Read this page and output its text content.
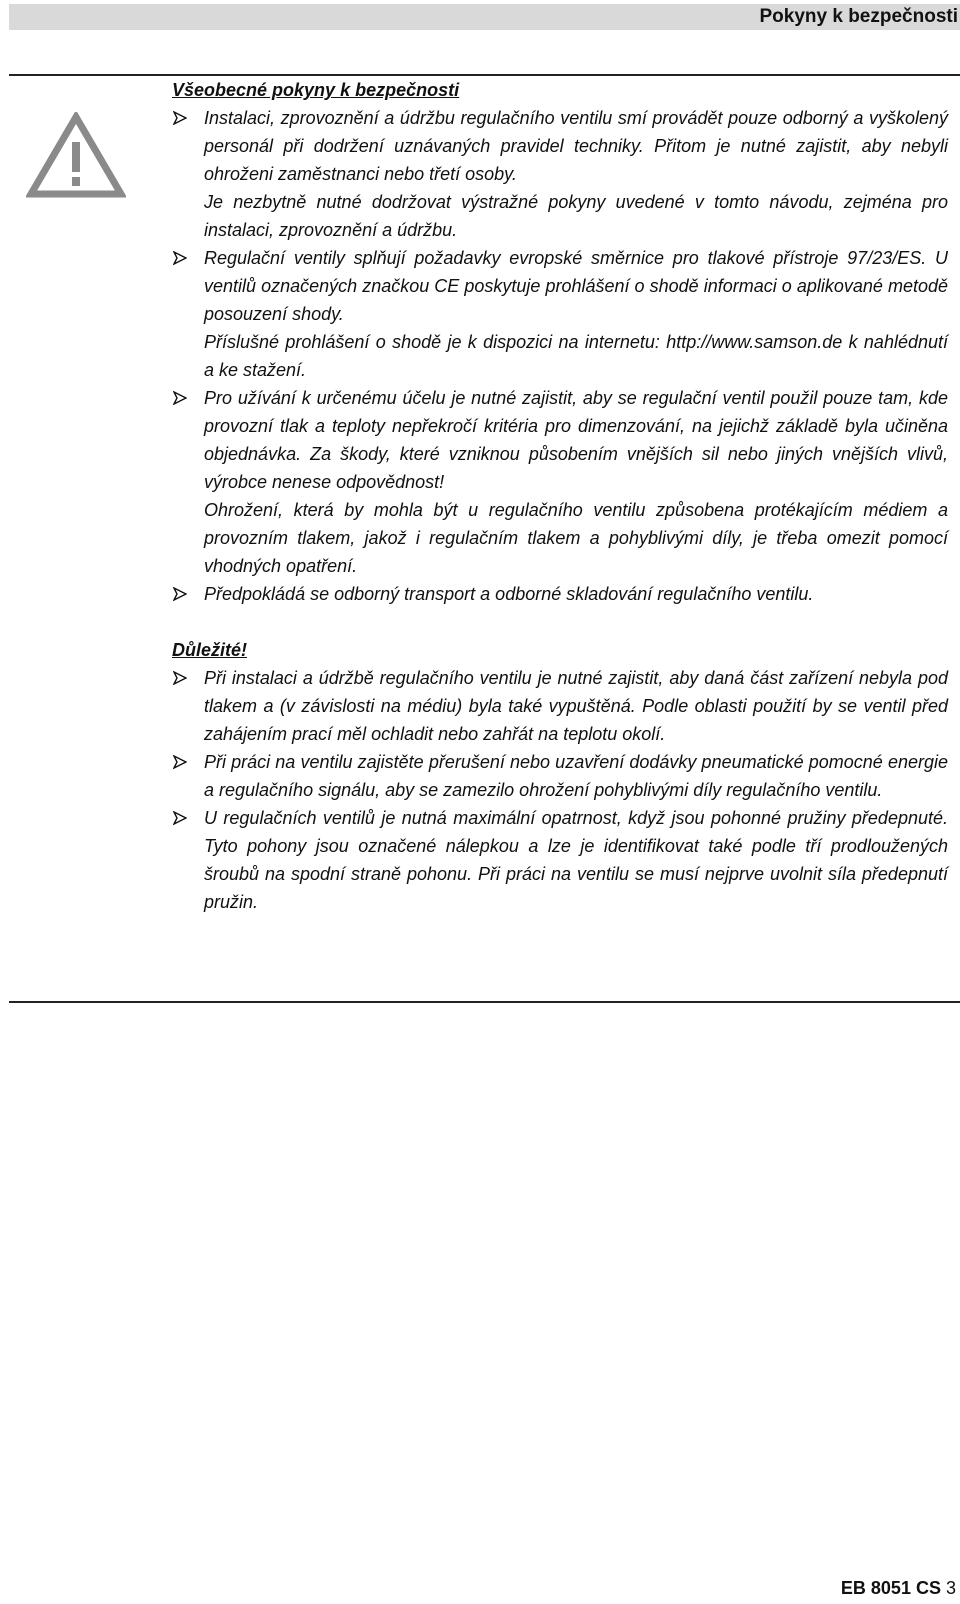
Pokyny k bezpečnosti
Všeobecné pokyny k bezpečnosti
Instalaci, zprovoznění a údržbu regulačního ventilu smí provádět pouze odborný a vyškolený personál při dodržení uznávaných pravidel techniky. Přitom je nutné zajistit, aby nebyli ohroženi zaměstnanci nebo třetí osoby.
Je nezbytně nutné dodržovat výstražné pokyny uvedené v tomto návodu, zejména pro instalaci, zprovoznění a údržbu.
Regulační ventily splňují požadavky evropské směrnice pro tlakové přístroje 97/23/ES. U ventilů označených značkou CE poskytuje prohlášení o shodě informaci o aplikované metodě posouzení shody.
Příslušné prohlášení o shodě je k dispozici na internetu: http://www.samson.de k nahlédnutí a ke stažení.
Pro užívání k určenému účelu je nutné zajistit, aby se regulační ventil použil pouze tam, kde provozní tlak a teploty nepřekročí kritéria pro dimenzování, na jejichž základě byla učiněna objednávka. Za škody, které vzniknou působením vnějších sil nebo jiných vnějších vlivů, výrobce nenese odpovědnost!
Ohrožení, která by mohla být u regulačního ventilu způsobena protékajícím médiem a provozním tlakem, jakož i regulačním tlakem a pohyblivými díly, je třeba omezit pomocí vhodných opatření.
Předpokládá se odborný transport a odborné skladování regulačního ventilu.
Důležité!
Při instalaci a údržbě regulačního ventilu je nutné zajistit, aby daná část zařízení nebyla pod tlakem a (v závislosti na médiu) byla také vypuštěná. Podle oblasti použití by se ventil před zahájením prací měl ochladit nebo zahřát na teplotu okolí.
Při práci na ventilu zajistěte přerušení nebo uzavření dodávky pneumatické pomocné energie a regulačního signálu, aby se zamezilo ohrožení pohyblivými díly regulačního ventilu.
U regulačních ventilů je nutná maximální opatrnost, když jsou pohonné pružiny předepnuté. Tyto pohony jsou označené nálepkou a lze je identifikovat také podle tří prodloužených šroubů na spodní straně pohonu. Při práci na ventilu se musí nejprve uvolnit síla předepnutí pružin.
EB 8051 CS 3
